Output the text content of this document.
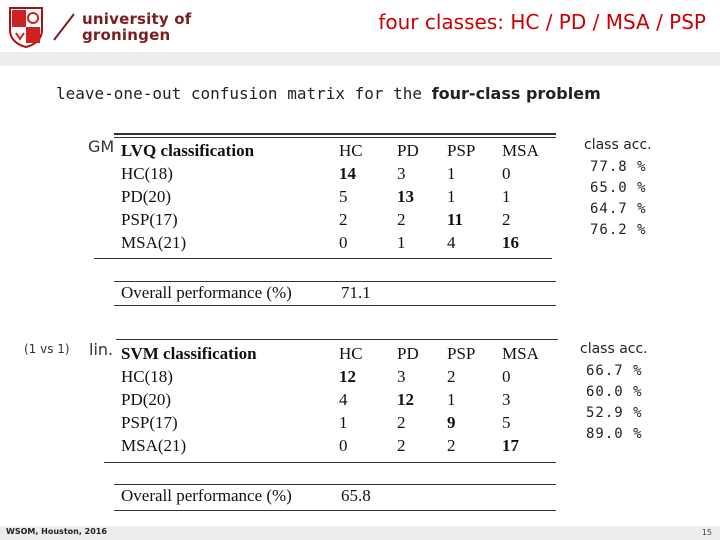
university of
groningen
four classes: HC / PD / MSA / PSP
leave-one-out confusion matrix for the four-class problem
GM LVQ classification	HC	PD	PSP	MSA
HC(18)	14	3	1	0
PD(20)	5	13	1	1
PSP(17)	2	2	11	2
MSA(21)	0	1	4	16
Overall performance (%)	71.1
class acc.
77.8 %
65.0 %
64.7 %
76.2 %
(1 vs 1) lin. SVM classification	HC	PD	PSP	MSA
HC(18)	12	3	2	0
PD(20)	4	12	1	3
PSP(17)	1	2	9	5
MSA(21)	0	2	2	17
Overall performance (%)	65.8
class acc.
66.7 %
60.0 %
52.9 %
89.0 %
WSOM, Houston, 2016	15
